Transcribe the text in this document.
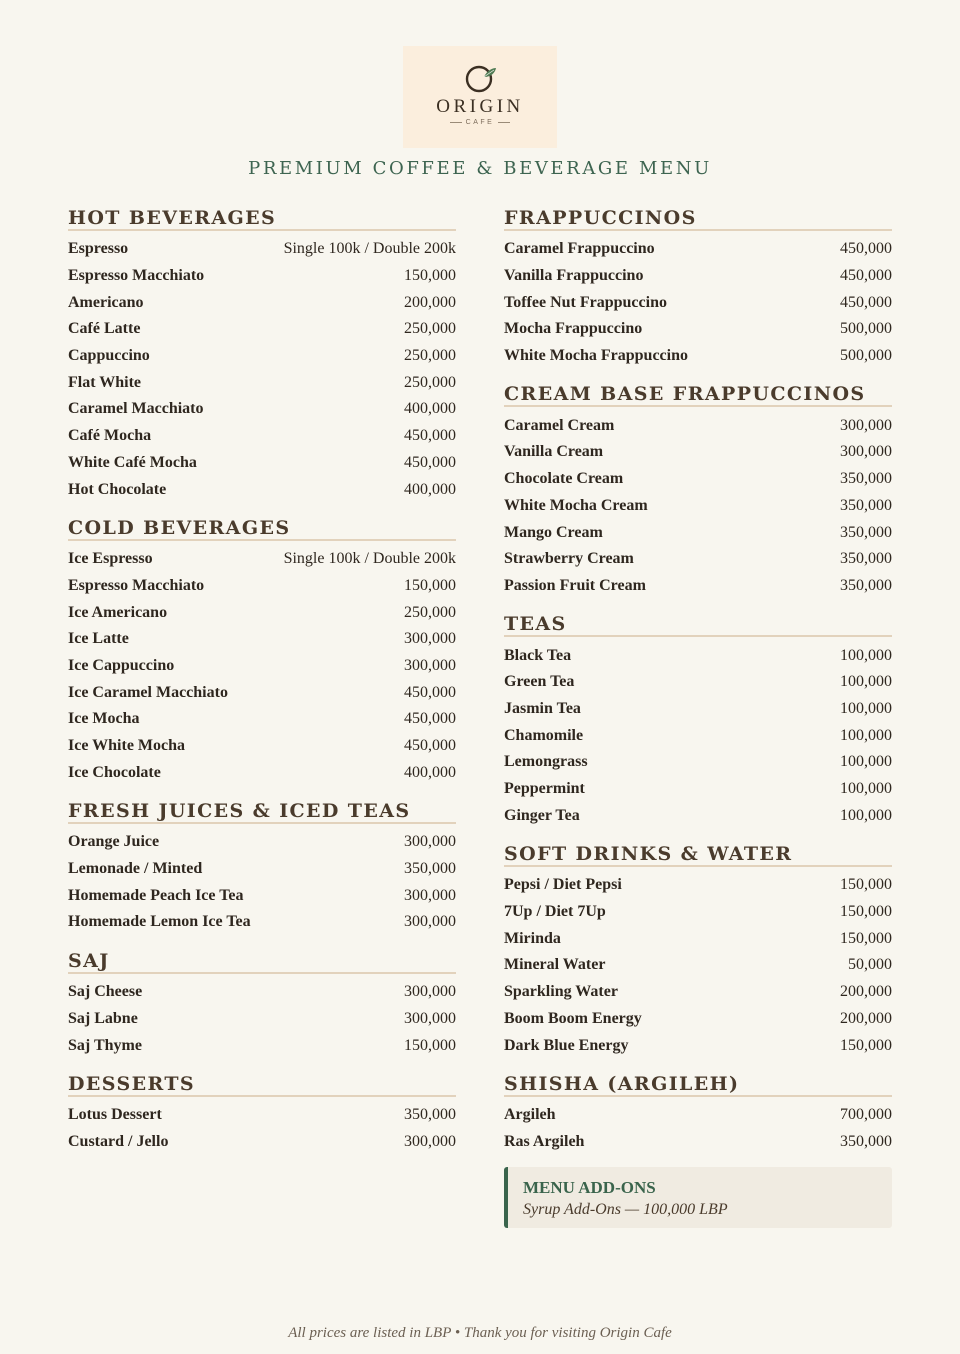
ORIGIN
CAFE
PREMIUM COFFEE & BEVERAGE MENU
HOT BEVERAGES
Espresso	Single 100k / Double 200k
Espresso Macchiato	150,000
Americano	200,000
Café Latte	250,000
Cappuccino	250,000
Flat White	250,000
Caramel Macchiato	400,000
Café Mocha	450,000
White Café Mocha	450,000
Hot Chocolate	400,000
COLD BEVERAGES
Ice Espresso	Single 100k / Double 200k
Espresso Macchiato	150,000
Ice Americano	250,000
Ice Latte	300,000
Ice Cappuccino	300,000
Ice Caramel Macchiato	450,000
Ice Mocha	450,000
Ice White Mocha	450,000
Ice Chocolate	400,000
FRESH JUICES & ICED TEAS
Orange Juice	300,000
Lemonade / Minted	350,000
Homemade Peach Ice Tea	300,000
Homemade Lemon Ice Tea	300,000
SAJ
Saj Cheese	300,000
Saj Labne	300,000
Saj Thyme	150,000
DESSERTS
Lotus Dessert	350,000
Custard / Jello	300,000
FRAPPUCCINOS
Caramel Frappuccino	450,000
Vanilla Frappuccino	450,000
Toffee Nut Frappuccino	450,000
Mocha Frappuccino	500,000
White Mocha Frappuccino	500,000
CREAM BASE FRAPPUCCINOS
Caramel Cream	300,000
Vanilla Cream	300,000
Chocolate Cream	350,000
White Mocha Cream	350,000
Mango Cream	350,000
Strawberry Cream	350,000
Passion Fruit Cream	350,000
TEAS
Black Tea	100,000
Green Tea	100,000
Jasmin Tea	100,000
Chamomile	100,000
Lemongrass	100,000
Peppermint	100,000
Ginger Tea	100,000
SOFT DRINKS & WATER
Pepsi / Diet Pepsi	150,000
7Up / Diet 7Up	150,000
Mirinda	150,000
Mineral Water	50,000
Sparkling Water	200,000
Boom Boom Energy	200,000
Dark Blue Energy	150,000
SHISHA (ARGILEH)
Argileh	700,000
Ras Argileh	350,000
MENU ADD-ONS
Syrup Add-Ons — 100,000 LBP
All prices are listed in LBP • Thank you for visiting Origin Cafe
